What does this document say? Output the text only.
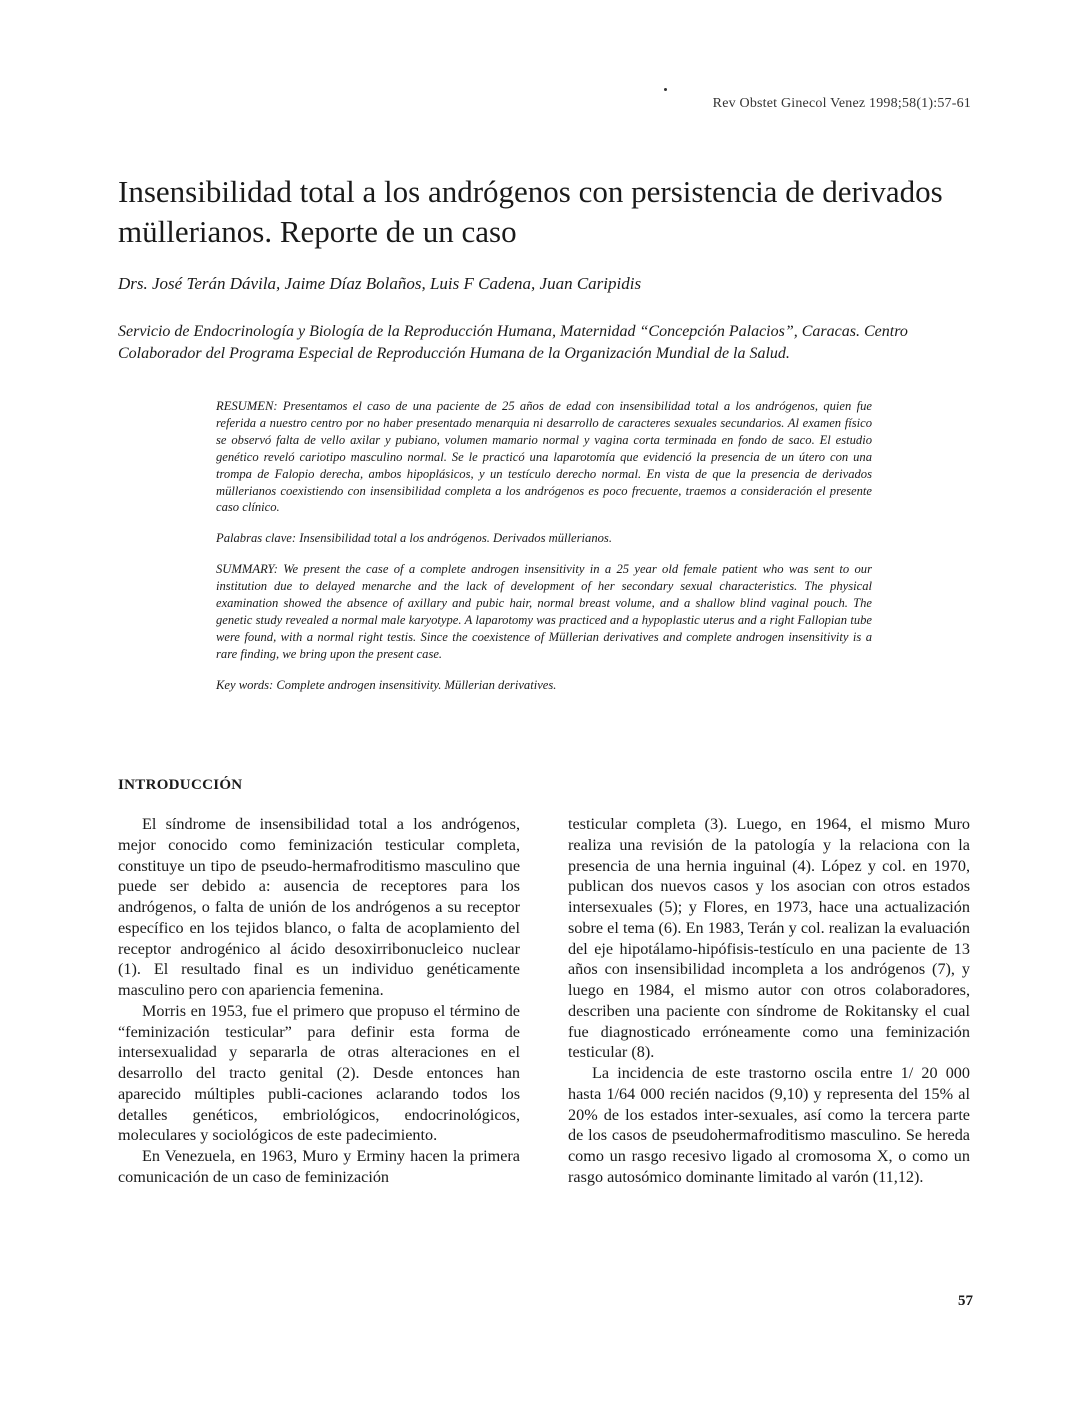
Rev Obstet Ginecol Venez 1998;58(1):57-61
Insensibilidad total a los andrógenos con persistencia de derivados müllerianos. Reporte de un caso

Drs. José Terán Dávila, Jaime Díaz Bolaños, Luis F Cadena, Juan Caripidis

Servicio de Endocrinología y Biología de la Reproducción Humana, Maternidad “Concepción Palacios”, Caracas. Centro Colaborador del Programa Especial de Reproducción Humana de la Organización Mundial de la Salud.

RESUMEN: Presentamos el caso de una paciente de 25 años de edad con insensibilidad total a los andrógenos, quien fue referida a nuestro centro por no haber presentado menarquia ni desarrollo de caracteres sexuales secundarios. Al examen físico se observó falta de vello axilar y pubiano, volumen mamario normal y vagina corta terminada en fondo de saco. El estudio genético reveló cariotipo masculino normal. Se le practicó una laparotomía que evidenció la presencia de un útero con una trompa de Falopio derecha, ambos hipoplásicos, y un testículo derecho normal. En vista de que la presencia de derivados müllerianos coexistiendo con insensibilidad completa a los andrógenos es poco frecuente, traemos a consideración el presente caso clínico.

Palabras clave: Insensibilidad total a los andrógenos. Derivados müllerianos.

SUMMARY: We present the case of a complete androgen insensitivity in a 25 year old female patient who was sent to our institution due to delayed menarche and the lack of development of her secondary sexual characteristics. The physical examination showed the absence of axillary and pubic hair, normal breast volume, and a shallow blind vaginal pouch. The genetic study revealed a normal male karyotype. A laparotomy was practiced and a hypoplastic uterus and a right Fallopian tube were found, with a normal right testis. Since the coexistence of Müllerian derivatives and complete androgen insensitivity is a rare finding, we bring upon the present case.

Key words: Complete androgen insensitivity. Müllerian derivatives.

INTRODUCCIÓN

El síndrome de insensibilidad total a los andrógenos, mejor conocido como feminización testicular completa, constituye un tipo de pseudo-hermafroditismo masculino que puede ser debido a: ausencia de receptores para los andrógenos, o falta de unión de los andrógenos a su receptor específico en los tejidos blanco, o falta de acoplamiento del receptor androgénico al ácido desoxirribonucleico nuclear (1). El resultado final es un individuo genéticamente masculino pero con apariencia femenina.

Morris en 1953, fue el primero que propuso el término de “feminización testicular” para definir esta forma de intersexualidad y separarla de otras alteraciones en el desarrollo del tracto genital (2). Desde entonces han aparecido múltiples publi-caciones aclarando todos los detalles genéticos, embriológicos, endocrinológicos, moleculares y sociológicos de este padecimiento.

En Venezuela, en 1963, Muro y Erminy hacen la primera comunicación de un caso de feminización

testicular completa (3). Luego, en 1964, el mismo Muro realiza una revisión de la patología y la relaciona con la presencia de una hernia inguinal (4). López y col. en 1970, publican dos nuevos casos y los asocian con otros estados intersexuales (5); y Flores, en 1973, hace una actualización sobre el tema (6). En 1983, Terán y col. realizan la evaluación del eje hipotálamo-hipófisis-testículo en una paciente de 13 años con insensibilidad incompleta a los andrógenos (7), y luego en 1984, el mismo autor con otros colaboradores, describen una paciente con síndrome de Rokitansky el cual fue diagnosticado erróneamente como una feminización testicular (8).

La incidencia de este trastorno oscila entre 1/ 20 000 hasta 1/64 000 recién nacidos (9,10) y representa del 15% al 20% de los estados inter-sexuales, así como la tercera parte de los casos de pseudohermafroditismo masculino. Se hereda como un rasgo recesivo ligado al cromosoma X, o como un rasgo autosómico dominante limitado al varón (11,12).

57
